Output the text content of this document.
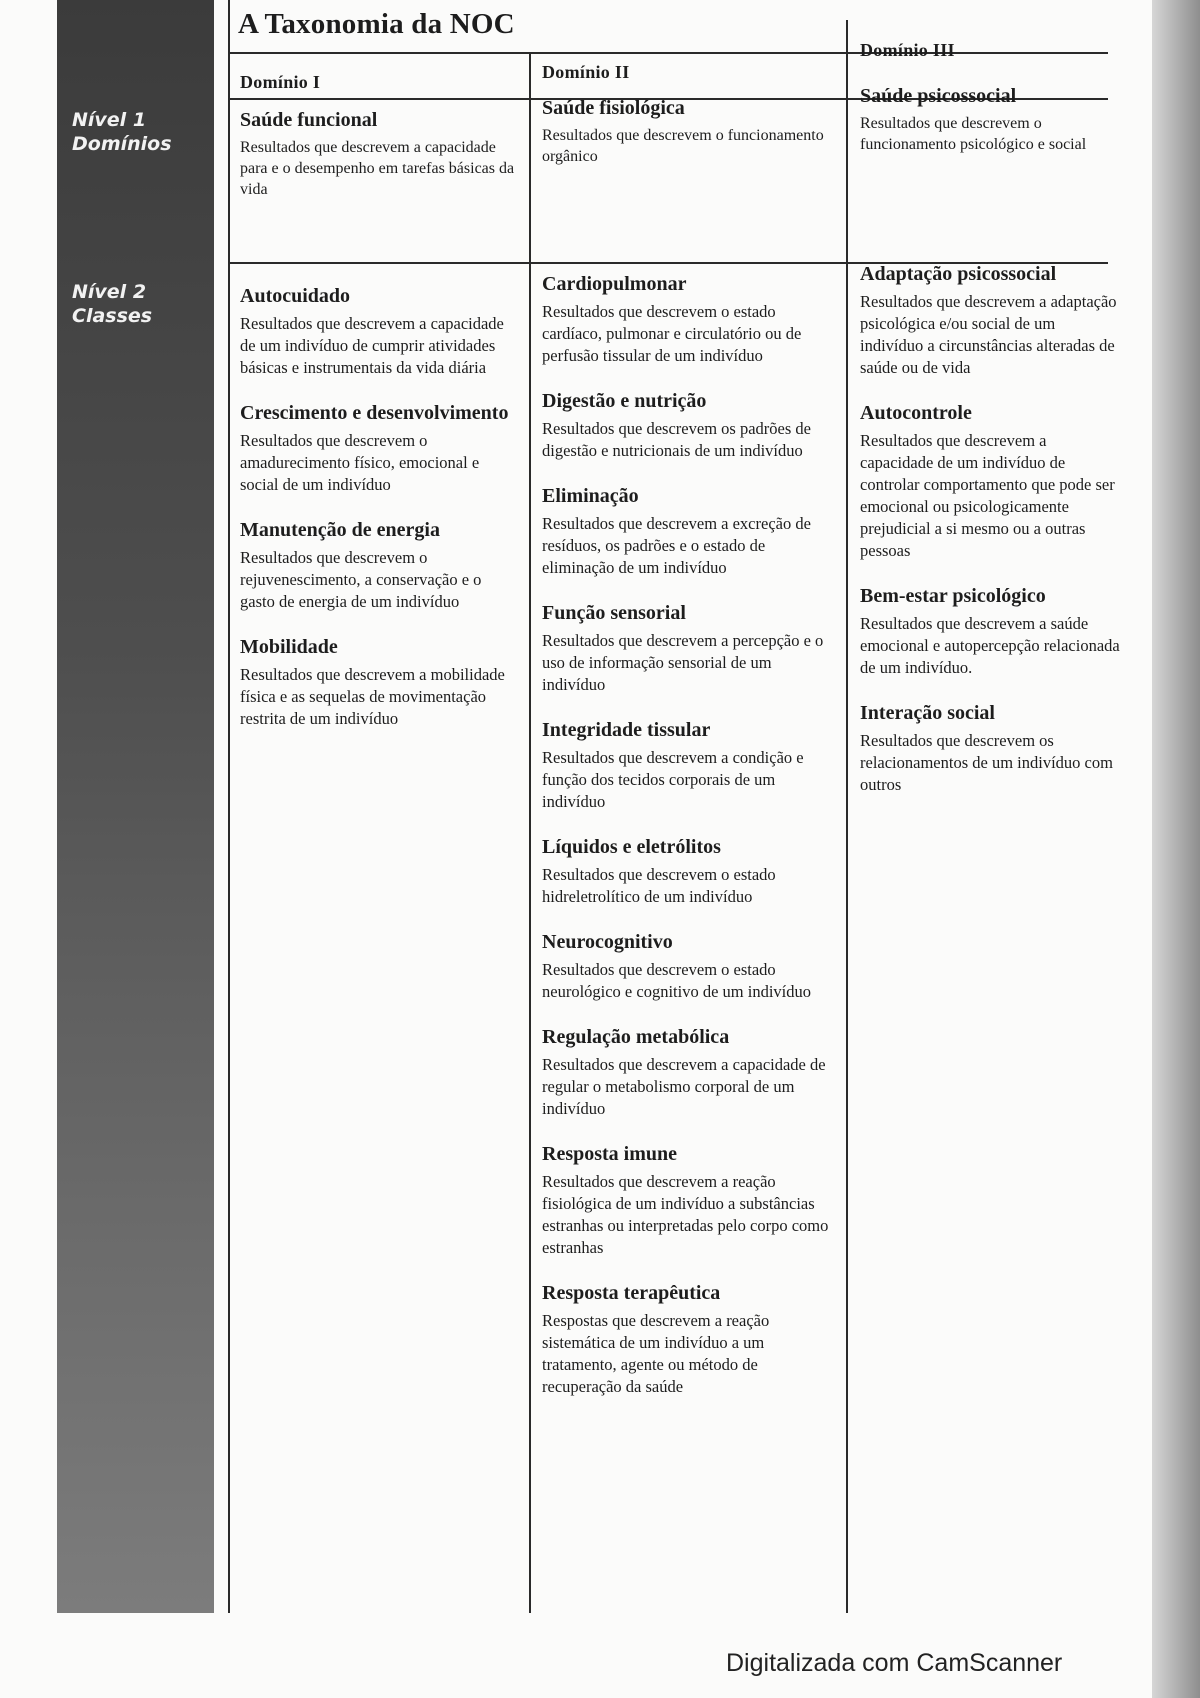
Nível 1
Domínios
Nível 2
Classes
A Taxonomia da NOC
Domínio I	Domínio II
Domínio III
Saúde funcional
Resultados que descrevem a capacidade para e o desempenho em tarefas básicas da vida
Saúde fisiológica
Resultados que descrevem o funcionamento orgânico
Saúde psicossocial
Resultados que descrevem o funcionamento psicológico e social
Autocuidado
Resultados que descrevem a capacidade de um indivíduo de cumprir atividades básicas e instrumentais da vida diária
Crescimento e desenvolvimento
Resultados que descrevem o amadurecimento físico, emocional e social de um indivíduo
Manutenção de energia
Resultados que descrevem o rejuvenescimento, a conservação e o gasto de energia de um indivíduo
Mobilidade
Resultados que descrevem a mobilidade física e as sequelas de movimentação restrita de um indivíduo
Cardiopulmonar
Resultados que descrevem o estado cardíaco, pulmonar e circulatório ou de perfusão tissular de um indivíduo
Digestão e nutrição
Resultados que descrevem os padrões de digestão e nutricionais de um indivíduo
Eliminação
Resultados que descrevem a excreção de resíduos, os padrões e o estado de eliminação de um indivíduo
Função sensorial
Resultados que descrevem a percepção e o uso de informação sensorial de um indivíduo
Integridade tissular
Resultados que descrevem a condição e função dos tecidos corporais de um indivíduo
Líquidos e eletrólitos
Resultados que descrevem o estado hidreletrolítico de um indivíduo
Neurocognitivo
Resultados que descrevem o estado neurológico e cognitivo de um indivíduo
Regulação metabólica
Resultados que descrevem a capacidade de regular o metabolismo corporal de um indivíduo
Resposta imune
Resultados que descrevem a reação fisiológica de um indivíduo a substâncias estranhas ou interpretadas pelo corpo como estranhas
Resposta terapêutica
Respostas que descrevem a reação sistemática de um indivíduo a um tratamento, agente ou método de recuperação da saúde
Adaptação psicossocial
Resultados que descrevem a adaptação psicológica e/ou social de um indivíduo a circunstâncias alteradas de saúde ou de vida
Autocontrole
Resultados que descrevem a capacidade de um indivíduo de controlar comportamento que pode ser emocional ou psicologicamente prejudicial a si mesmo ou a outras pessoas
Bem-estar psicológico
Resultados que descrevem a saúde emocional e autopercepção relacionada de um indivíduo.
Interação social
Resultados que descrevem os relacionamentos de um indivíduo com outros
Digitalizada com CamScanner
